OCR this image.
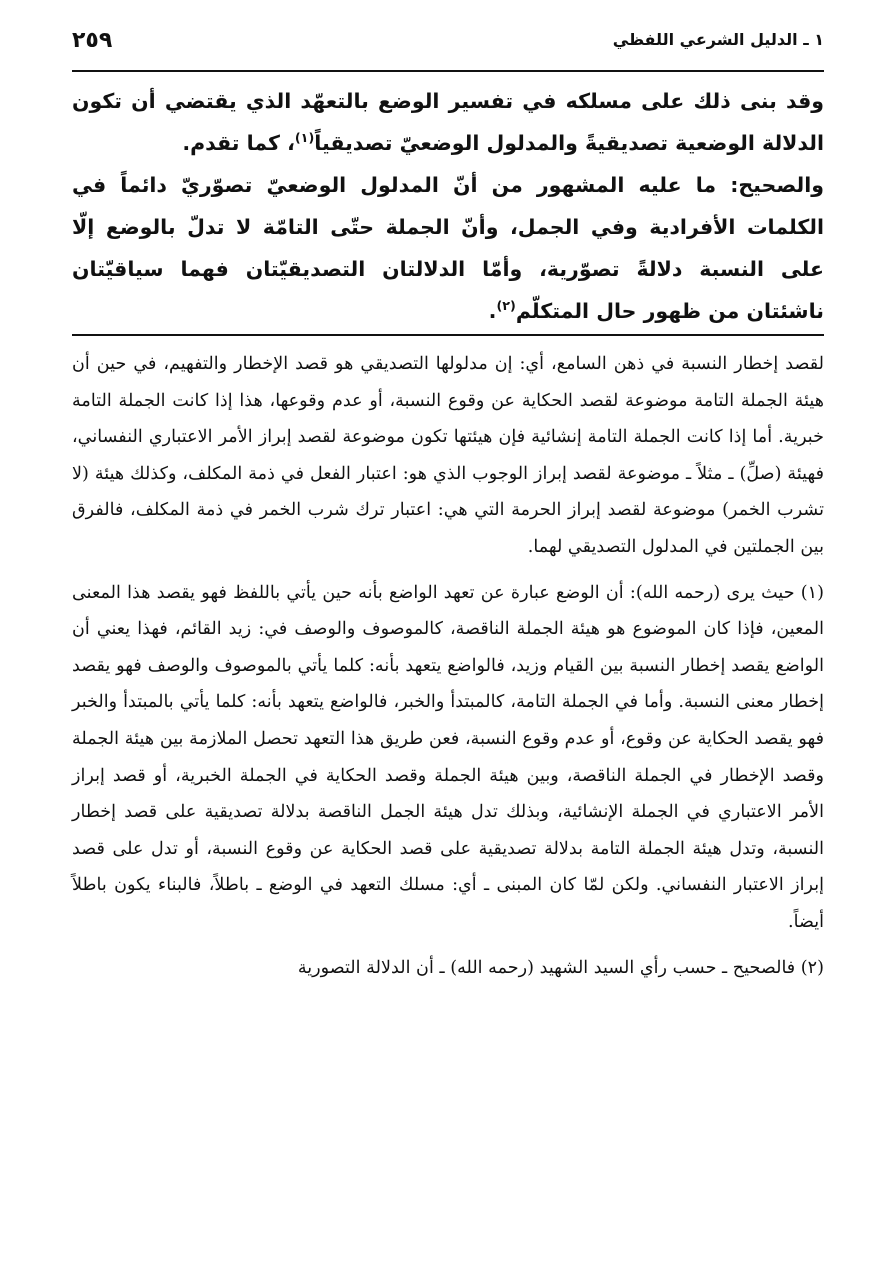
٢٥٩	١ ـ الدليل الشرعي اللفظي

وقد بنى ذلك على مسلكه في تفسير الوضع بالتعهّد الذي يقتضي أن تكون الدلالة الوضعية تصديقيةً والمدلول الوضعيّ تصديقياً$^{(١)}$، كما تقدم.

والصحيح: ما عليه المشهور من أنّ المدلول الوضعيّ تصوّريّ دائماً في الكلمات الأفرادية وفي الجمل، وأنّ الجملة حتّى التامّة لا تدلّ بالوضع إلّا على النسبة دلالةً تصوّرية، وأمّا الدلالتان التصديقيّتان فهما سياقيّتان ناشئتان من ظهور حال المتكلّم$^{(٢)}$.

لقصد إخطار النسبة في ذهن السامع، أي: إن مدلولها التصديقي هو قصد الإخطار والتفهيم، في حين أن هيئة الجملة التامة موضوعة لقصد الحكاية عن وقوع النسبة، أو عدم وقوعها، هذا إذا كانت الجملة التامة خبرية. أما إذا كانت الجملة التامة إنشائية فإن هيئتها تكون موضوعة لقصد إبراز الأمر الاعتباري النفساني، فهيئة (صلِّ) ـ مثلاً ـ موضوعة لقصد إبراز الوجوب الذي هو: اعتبار الفعل في ذمة المكلف، وكذلك هيئة (لا تشرب الخمر) موضوعة لقصد إبراز الحرمة التي هي: اعتبار ترك شرب الخمر في ذمة المكلف، فالفرق بين الجملتين في المدلول التصديقي لهما.

(١) حيث يرى (رحمه الله): أن الوضع عبارة عن تعهد الواضع بأنه حين يأتي باللفظ فهو يقصد هذا المعنى المعين، فإذا كان الموضوع هو هيئة الجملة الناقصة، كالموصوف والوصف في: زيد القائم، فهذا يعني أن الواضع يقصد إخطار النسبة بين القيام وزيد، فالواضع يتعهد بأنه: كلما يأتي بالموصوف والوصف فهو يقصد إخطار معنى النسبة. وأما في الجملة التامة، كالمبتدأ والخبر، فالواضع يتعهد بأنه: كلما يأتي بالمبتدأ والخبر فهو يقصد الحكاية عن وقوع، أو عدم وقوع النسبة، فعن طريق هذا التعهد تحصل الملازمة بين هيئة الجملة وقصد الإخطار في الجملة الناقصة، وبين هيئة الجملة وقصد الحكاية في الجملة الخبرية، أو قصد إبراز الأمر الاعتباري في الجملة الإنشائية، وبذلك تدل هيئة الجمل الناقصة بدلالة تصديقية على قصد إخطار النسبة، وتدل هيئة الجملة التامة بدلالة تصديقية على قصد الحكاية عن وقوع النسبة، أو تدل على قصد إبراز الاعتبار النفساني. ولكن لمّا كان المبنى ـ أي: مسلك التعهد في الوضع ـ باطلاً، فالبناء يكون باطلاً أيضاً.

(٢) فالصحيح ـ حسب رأي السيد الشهيد (رحمه الله) ـ أن الدلالة التصورية
